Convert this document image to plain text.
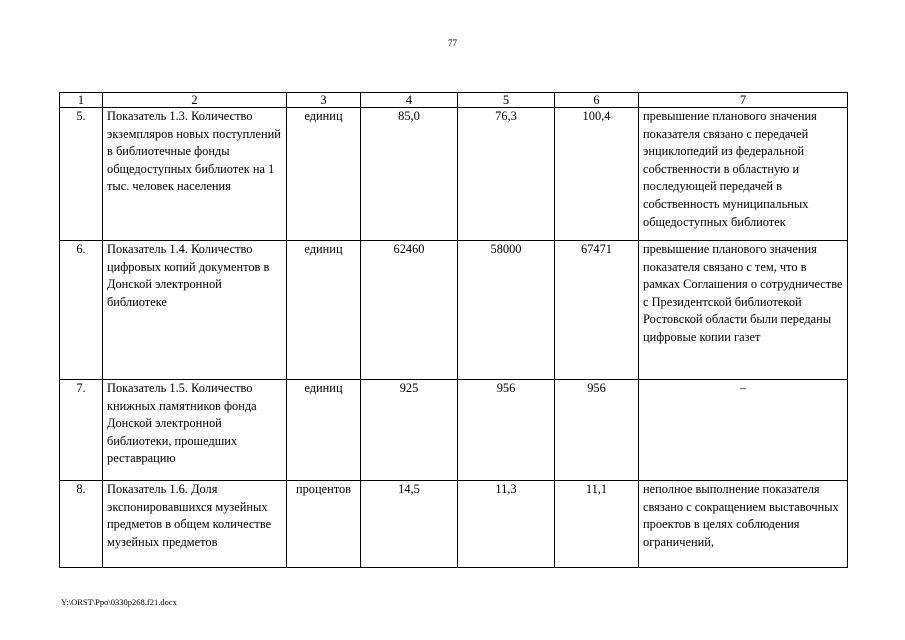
77
1	2	3	4	5	6	7
5.	Показатель 1.3. Количество экземпляров новых поступлений в библиотечные фонды общедоступных библиотек на 1 тыс. человек населения	единиц	85,0	76,3	100,4	превышение планового значения показателя связано с передачей энциклопедий из федеральной собственности в областную и последующей передачей в собственность муниципальных общедоступных библиотек
6.	Показатель 1.4. Количество цифровых копий документов в Донской электронной библиотеке	единиц	62460	58000	67471	превышение планового значения показателя связано с тем, что в рамках Соглашения о сотрудничестве с Президентской библиотекой Ростовской области были переданы цифровые копии газет
7.	Показатель 1.5. Количество книжных памятников фонда Донской электронной библиотеки, прошедших реставрацию	единиц	925	956	956	–
8.	Показатель 1.6. Доля экспонировавшихся музейных предметов в общем количестве музейных предметов	процентов	14,5	11,3	11,1	неполное выполнение показателя связано с сокращением выставочных проектов в целях соблюдения ограничений,
Y:\ORST\Ppo\0330p268.f21.docx
